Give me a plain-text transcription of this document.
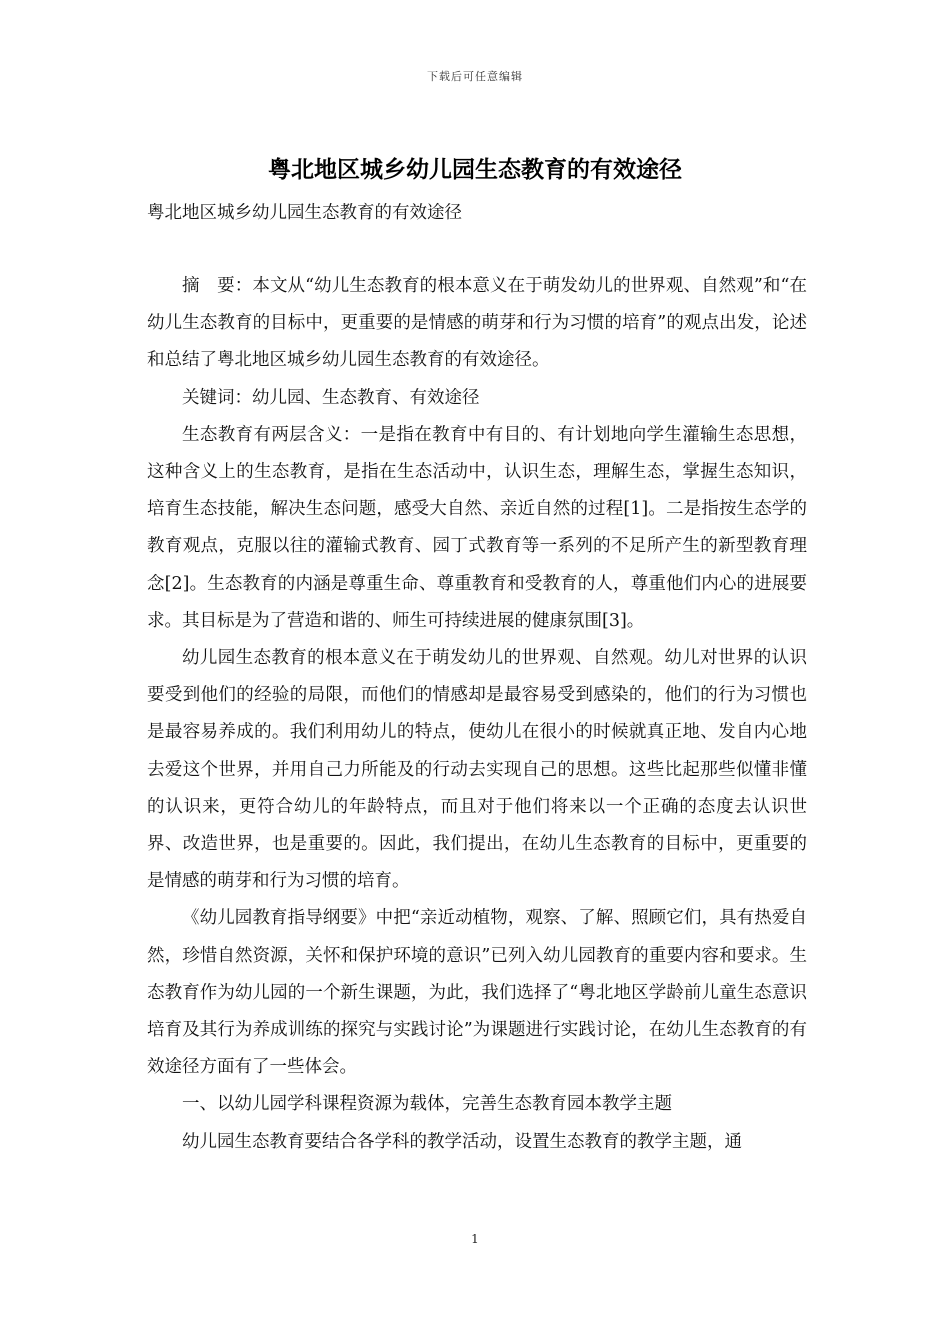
下载后可任意编辑
粤北地区城乡幼儿园生态教育的有效途径

粤北地区城乡幼儿园生态教育的有效途径

摘　要：本文从“幼儿生态教育的根本意义在于萌发幼儿的世界观、自然观”和“在幼儿生态教育的目标中，更重要的是情感的萌芽和行为习惯的培育”的观点出发，论述和总结了粤北地区城乡幼儿园生态教育的有效途径。

关键词：幼儿园、生态教育、有效途径

生态教育有两层含义：一是指在教育中有目的、有计划地向学生灌输生态思想，这种含义上的生态教育，是指在生态活动中，认识生态，理解生态，掌握生态知识，培育生态技能，解决生态问题，感受大自然、亲近自然的过程[1]。二是指按生态学的教育观点，克服以往的灌输式教育、园丁式教育等一系列的不足所产生的新型教育理念[2]。生态教育的内涵是尊重生命、尊重教育和受教育的人，尊重他们内心的进展要求。其目标是为了营造和谐的、师生可持续进展的健康氛围[3]。

幼儿园生态教育的根本意义在于萌发幼儿的世界观、自然观。幼儿对世界的认识要受到他们的经验的局限，而他们的情感却是最容易受到感染的，他们的行为习惯也是最容易养成的。我们利用幼儿的特点，使幼儿在很小的时候就真正地、发自内心地去爱这个世界，并用自己力所能及的行动去实现自己的思想。这些比起那些似懂非懂的认识来，更符合幼儿的年龄特点，而且对于他们将来以一个正确的态度去认识世界、改造世界，也是重要的。因此，我们提出，在幼儿生态教育的目标中，更重要的是情感的萌芽和行为习惯的培育。

《幼儿园教育指导纲要》中把“亲近动植物，观察、了解、照顾它们，具有热爱自然，珍惜自然资源，关怀和保护环境的意识”已列入幼儿园教育的重要内容和要求。生态教育作为幼儿园的一个新生课题，为此，我们选择了“粤北地区学龄前儿童生态意识培育及其行为养成训练的探究与实践讨论”为课题进行实践讨论，在幼儿生态教育的有效途径方面有了一些体会。

一、以幼儿园学科课程资源为载体，完善生态教育园本教学主题

幼儿园生态教育要结合各学科的教学活动，设置生态教育的教学主题，通

1
